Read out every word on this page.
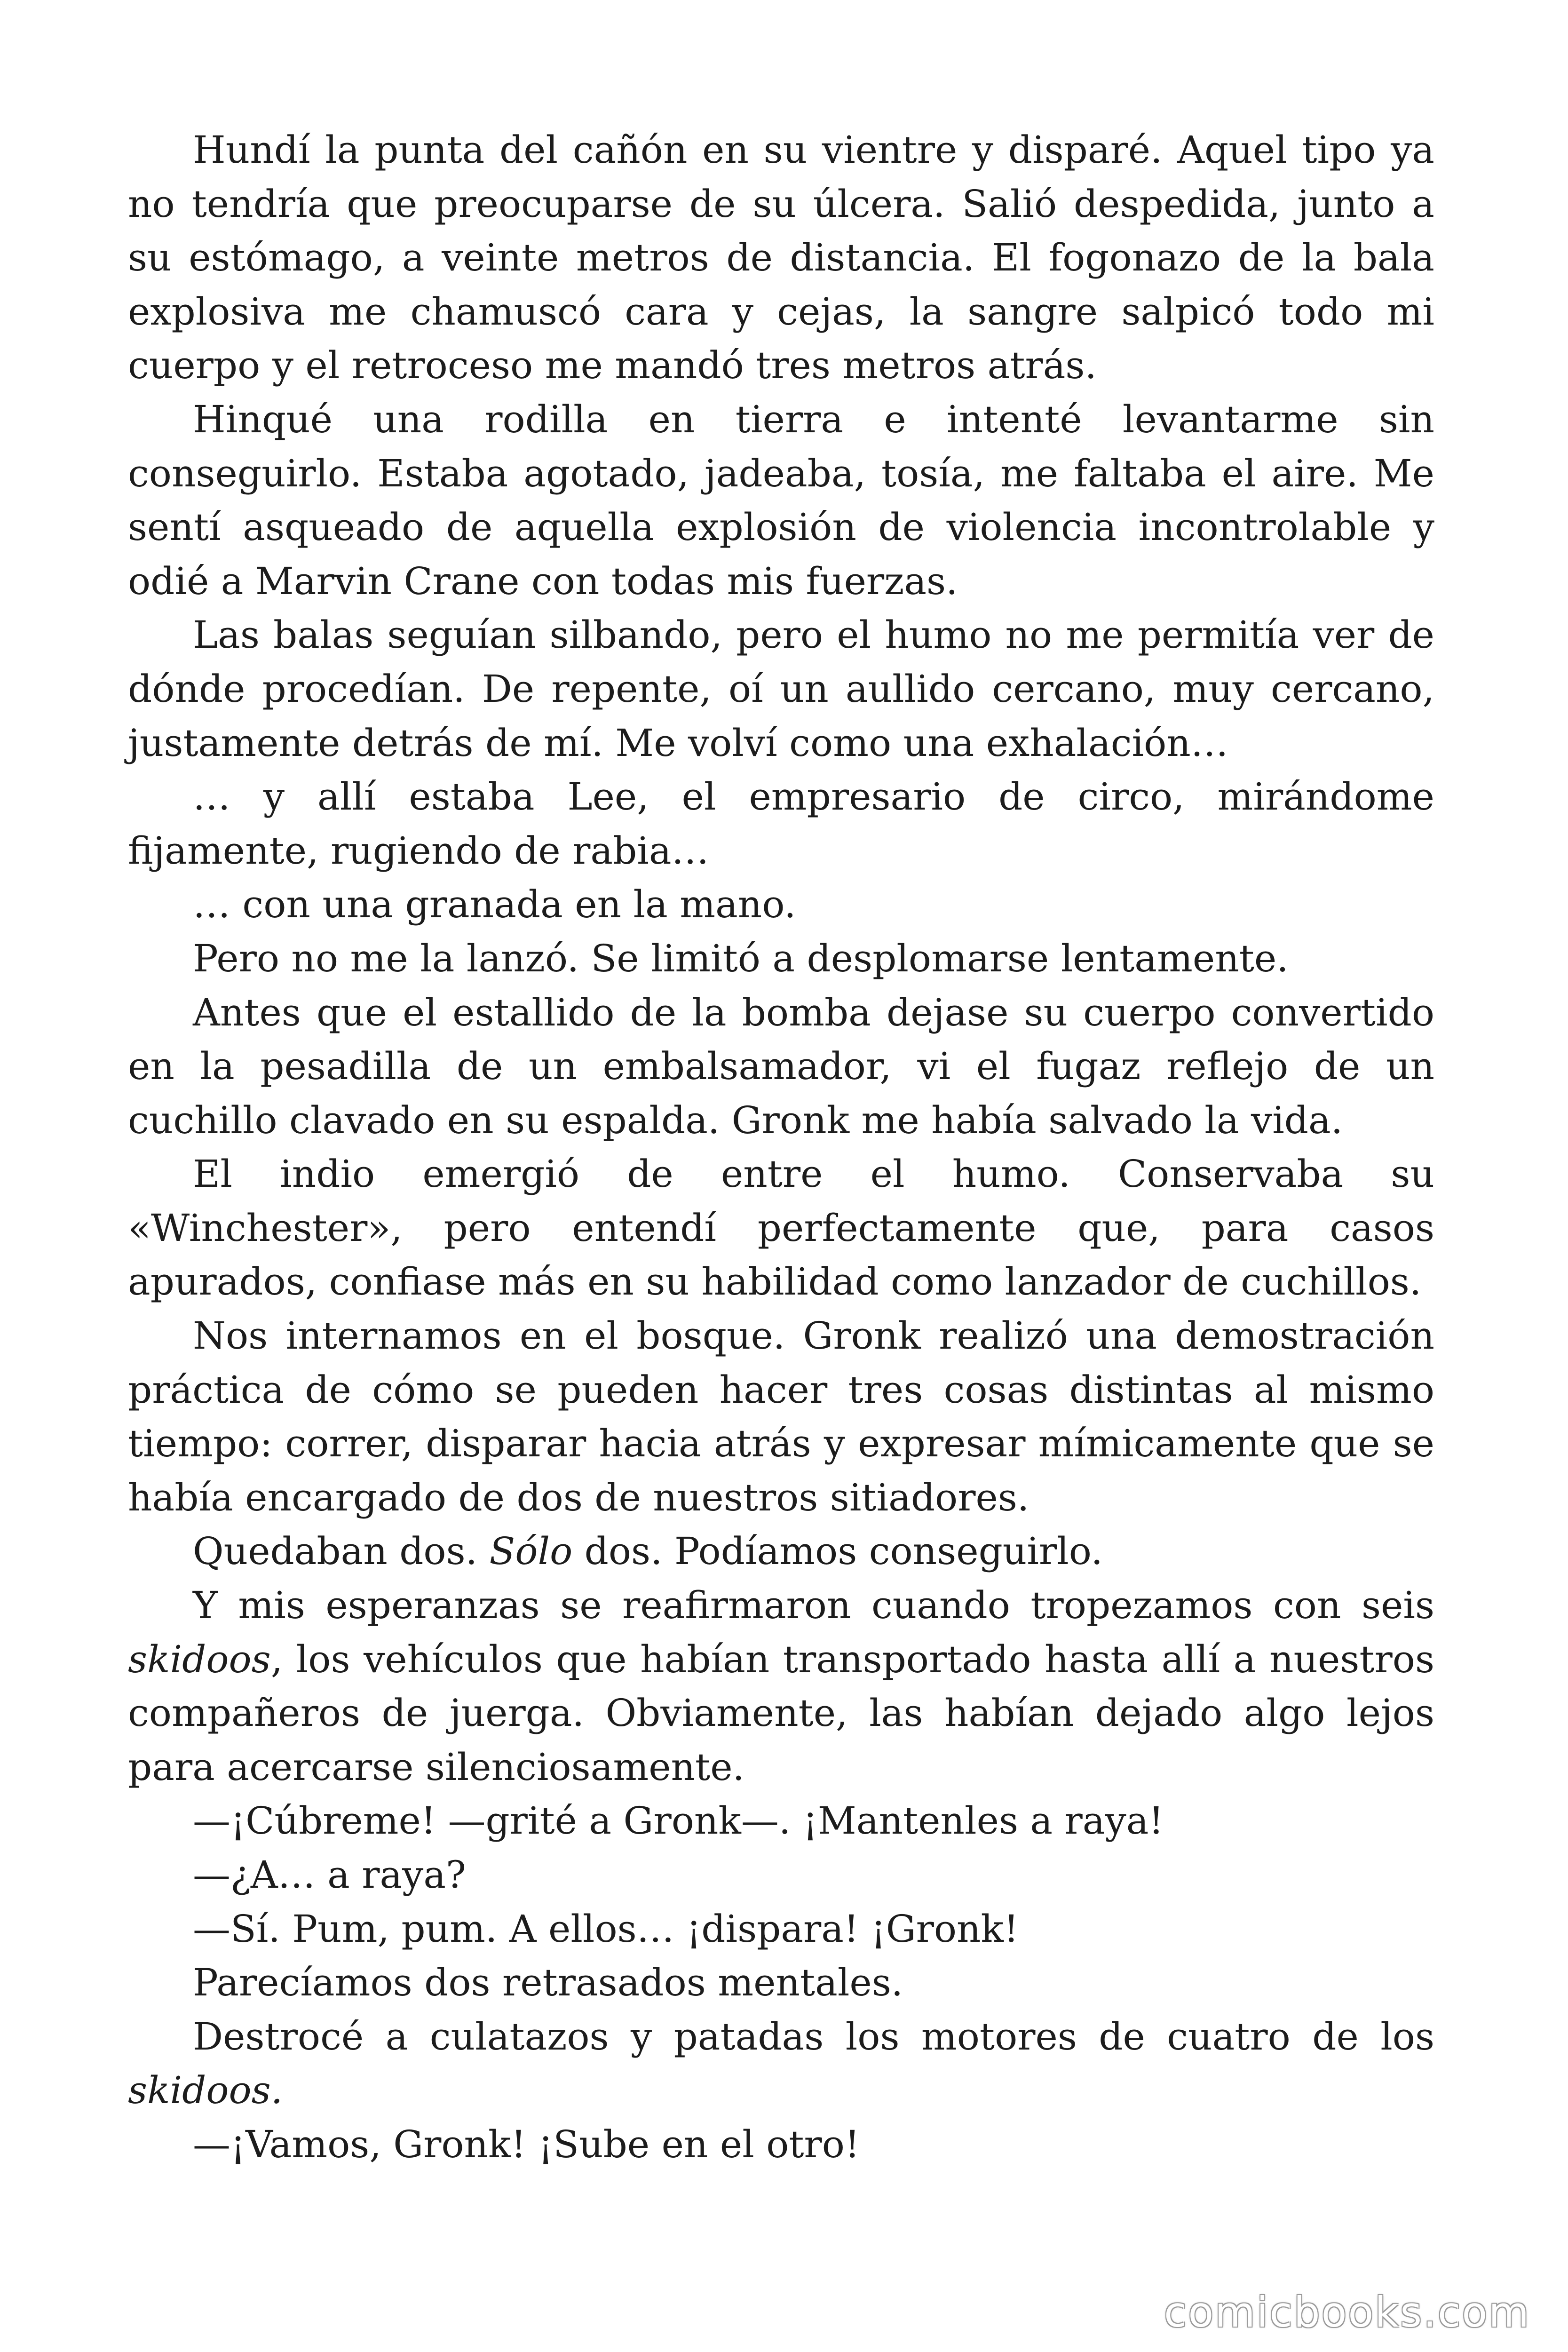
Hundí la punta del cañón en su vientre y disparé. Aquel tipo ya no tendría que preocuparse de su úlcera. Salió despedida, junto a su estómago, a veinte metros de distancia. El fogonazo de la bala explosiva me chamuscó cara y cejas, la sangre salpicó todo mi cuerpo y el retroceso me mandó tres metros atrás.

Hinqué una rodilla en tierra e intenté levantarme sin conseguirlo. Estaba agotado, jadeaba, tosía, me faltaba el aire. Me sentí asqueado de aquella explosión de violencia incontrolable y odié a Marvin Crane con todas mis fuerzas.

Las balas seguían silbando, pero el humo no me permitía ver de dónde procedían. De repente, oí un aullido cercano, muy cercano, justamente detrás de mí. Me volví como una exhalación…

… y allí estaba Lee, el empresario de circo, mirándome fijamente, rugiendo de rabia…

… con una granada en la mano.

Pero no me la lanzó. Se limitó a desplomarse lentamente.

Antes que el estallido de la bomba dejase su cuerpo convertido en la pesadilla de un embalsamador, vi el fugaz reflejo de un cuchillo clavado en su espalda. Gronk me había salvado la vida.

El indio emergió de entre el humo. Conservaba su «Winchester», pero entendí perfectamente que, para casos apurados, confiase más en su habilidad como lanzador de cuchillos.

Nos internamos en el bosque. Gronk realizó una demostración práctica de cómo se pueden hacer tres cosas distintas al mismo tiempo: correr, disparar hacia atrás y expresar mímicamente que se había encargado de dos de nuestros sitiadores.

Quedaban dos. Sólo dos. Podíamos conseguirlo.

Y mis esperanzas se reafirmaron cuando tropezamos con seis skidoos, los vehículos que habían transportado hasta allí a nuestros compañeros de juerga. Obviamente, las habían dejado algo lejos para acercarse silenciosamente.

—¡Cúbreme! —grité a Gronk—. ¡Mantenles a raya!

—¿A… a raya?

—Sí. Pum, pum. A ellos… ¡dispara! ¡Gronk!

Parecíamos dos retrasados mentales.

Destrocé a culatazos y patadas los motores de cuatro de los skidoos.

—¡Vamos, Gronk! ¡Sube en el otro!

comicbooks.com
